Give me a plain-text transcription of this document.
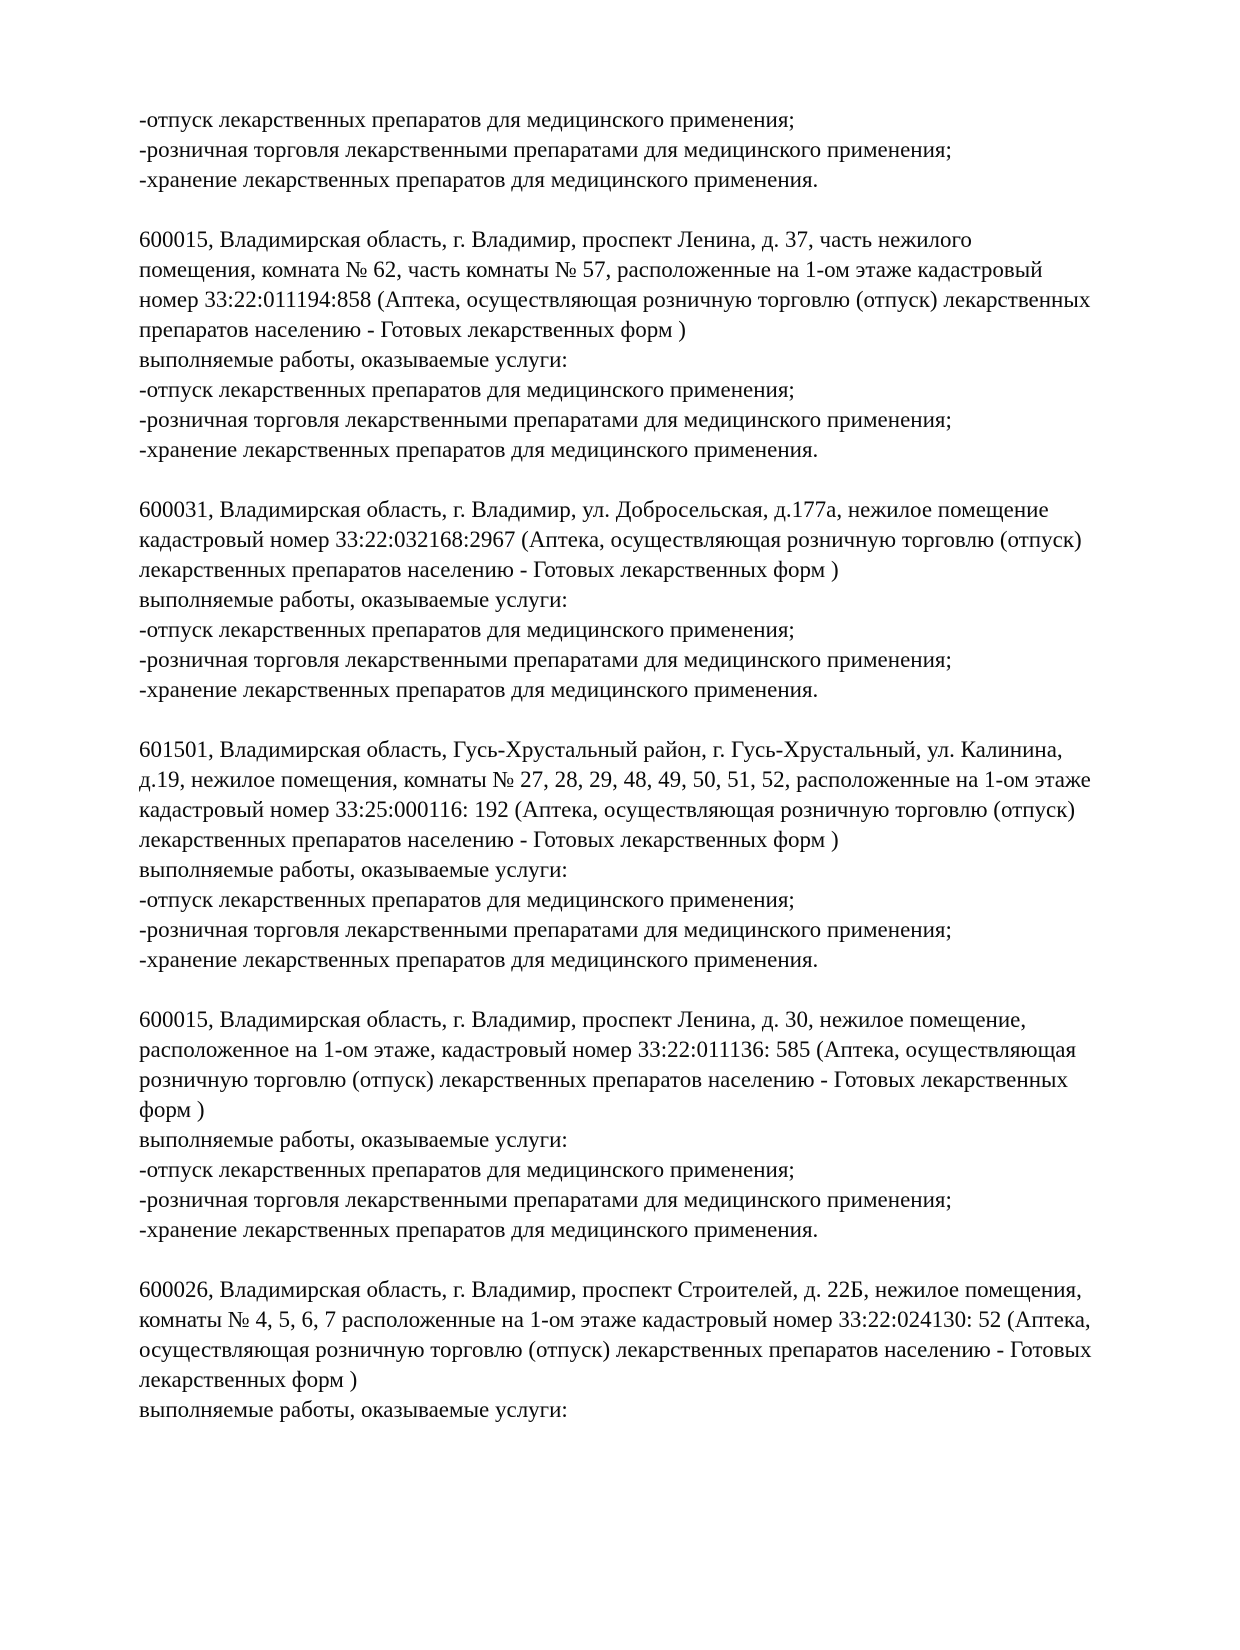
-отпуск лекарственных препаратов для медицинского применения;
-розничная торговля лекарственными препаратами для медицинского применения;
-хранение лекарственных препаратов для медицинского применения.
600015, Владимирская область, г. Владимир, проспект Ленина, д. 37, часть нежилого
помещения, комната № 62, часть комнаты № 57, расположенные на 1-ом этаже кадастровый
номер 33:22:011194:858 (Аптека, осуществляющая розничную торговлю (отпуск) лекарственных
препаратов населению - Готовых лекарственных форм )
выполняемые работы, оказываемые услуги:
-отпуск лекарственных препаратов для медицинского применения;
-розничная торговля лекарственными препаратами для медицинского применения;
-хранение лекарственных препаратов для медицинского применения.
600031, Владимирская область, г. Владимир, ул. Добросельская, д.177а, нежилое помещение
кадастровый номер 33:22:032168:2967 (Аптека, осуществляющая розничную торговлю (отпуск)
лекарственных препаратов населению - Готовых лекарственных форм )
выполняемые работы, оказываемые услуги:
-отпуск лекарственных препаратов для медицинского применения;
-розничная торговля лекарственными препаратами для медицинского применения;
-хранение лекарственных препаратов для медицинского применения.
601501, Владимирская область, Гусь-Хрустальный район, г. Гусь-Хрустальный, ул. Калинина,
д.19, нежилое помещения, комнаты № 27, 28, 29, 48, 49, 50, 51, 52, расположенные на 1-ом этаже
кадастровый номер 33:25:000116: 192 (Аптека, осуществляющая розничную торговлю (отпуск)
лекарственных препаратов населению - Готовых лекарственных форм )
выполняемые работы, оказываемые услуги:
-отпуск лекарственных препаратов для медицинского применения;
-розничная торговля лекарственными препаратами для медицинского применения;
-хранение лекарственных препаратов для медицинского применения.
600015, Владимирская область, г. Владимир, проспект Ленина, д. 30, нежилое помещение,
расположенное на 1-ом этаже, кадастровый номер 33:22:011136: 585 (Аптека, осуществляющая
розничную торговлю (отпуск) лекарственных препаратов населению - Готовых лекарственных
форм )
выполняемые работы, оказываемые услуги:
-отпуск лекарственных препаратов для медицинского применения;
-розничная торговля лекарственными препаратами для медицинского применения;
-хранение лекарственных препаратов для медицинского применения.
600026, Владимирская область, г. Владимир, проспект Строителей, д. 22Б, нежилое помещения,
комнаты № 4, 5, 6, 7 расположенные на 1-ом этаже кадастровый номер 33:22:024130: 52 (Аптека,
осуществляющая розничную торговлю (отпуск) лекарственных препаратов населению - Готовых
лекарственных форм )
выполняемые работы, оказываемые услуги:
